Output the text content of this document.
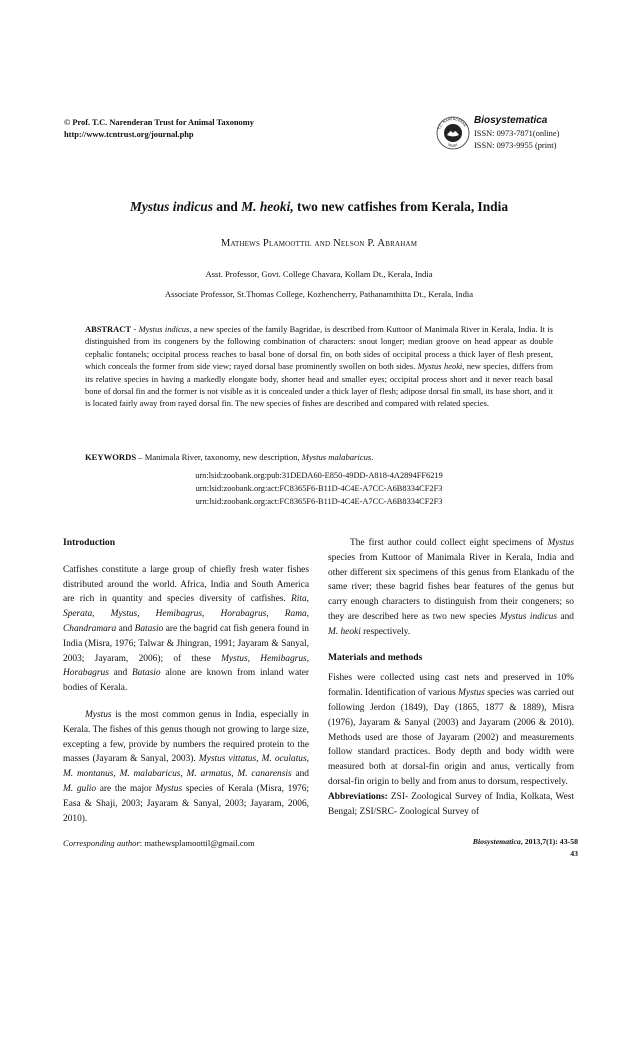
© Prof. T.C. Narenderan Trust for Animal Taxonomy
http://www.tcntrust.org/journal.php
T.C. NARENDERAN
TRUST
Biosystematica
ISSN: 0973-7871(online)
ISSN: 0973-9955 (print)
Mystus indicus and M. heoki, two new catfishes from Kerala, India
Mathews Plamoottil and Nelson P. Abraham
Asst. Professor, Govt. College Chavara, Kollam Dt., Kerala, India
Associate Professor, St.Thomas College, Kozhencherry, Pathanamthitta Dt., Kerala, India
ABSTRACT - Mystus indicus, a new species of the family Bagridae, is described from Kuttoor of Manimala River in Kerala, India. It is distinguished from its congeners by the following combination of characters: snout longer; median groove on head appear as double cephalic fontanels; occipital process reaches to basal bone of dorsal fin, on both sides of occipital process a thick layer of flesh present, which conceals the former from side view; rayed dorsal base prominently swollen on both sides. Mystus heoki, new species, differs from its relative species in having a markedly elongate body, shorter head and smaller eyes; occipital process short and it never reach basal bone of dorsal fin and the former is not visible as it is concealed under a thick layer of flesh; adipose dorsal fin small, its base short, and it is located fairly away from rayed dorsal fin. The new species of fishes are described and compared with related species.
KEYWORDS – Manimala River, taxonomy, new description, Mystus malabaricus.
urn:lsid:zoobank.org:pub:31DEDA60-E850-49DD-A818-4A2894FF6219
urn:lsid:zoobank.org:act:FC8365F6-B11D-4C4E-A7CC-A6B8334CF2F3
urn:lsid:zoobank.org:act:FC8365F6-B11D-4C4E-A7CC-A6B8334CF2F3
Introduction

Catfishes constitute a large group of chiefly fresh water fishes distributed around the world. Africa, India and South America are rich in quantity and species diversity of catfishes. Rita, Sperata, Mystus, Hemibagrus, Horabagrus, Rama, Chandramara and Batasio are the bagrid cat fish genera found in India (Misra, 1976; Talwar & Jhingran, 1991; Jayaram & Sanyal, 2003; Jayaram, 2006); of these Mystus, Hemibagrus, Horabagrus and Batasio alone are known from inland water bodies of Kerala.

Mystus is the most common genus in India, especially in Kerala. The fishes of this genus though not growing to large size, excepting a few, provide by numbers the required protein to the masses (Jayaram & Sanyal, 2003). Mystus vittatus, M. oculatus, M. montanus, M. malabaricus, M. armatus, M. canarensis and M. gulio are the major Mystus species of Kerala (Misra, 1976; Easa & Shaji, 2003; Jayaram & Sanyal, 2003; Jayaram, 2006, 2010).

The first author could collect eight specimens of Mystus species from Kuttoor of Manimala River in Kerala, India and other different six specimens of this genus from Elankadu of the same river; these bagrid fishes bear features of the genus but carry enough characters to distinguish from their congeners; so they are described here as two new species Mystus indicus and M. heoki respectively.

Materials and methods

Fishes were collected using cast nets and preserved in 10% formalin. Identification of various Mystus species was carried out following Jerdon (1849), Day (1865, 1877 & 1889), Misra (1976), Jayaram & Sanyal (2003) and Jayaram (2006 & 2010). Methods used are those of Jayaram (2002) and measurements follow standard practices. Body depth and body width were measured both at dorsal-fin origin and anus, vertically from dorsal-fin origin to belly and from anus to dorsum, respectively.

Abbreviations: ZSI- Zoological Survey of India, Kolkata, West Bengal; ZSI/SRC- Zoological Survey of

Corresponding author: mathewsplamoottil@gmail.com	Biosystematica, 2013,7(1): 43-58
43
